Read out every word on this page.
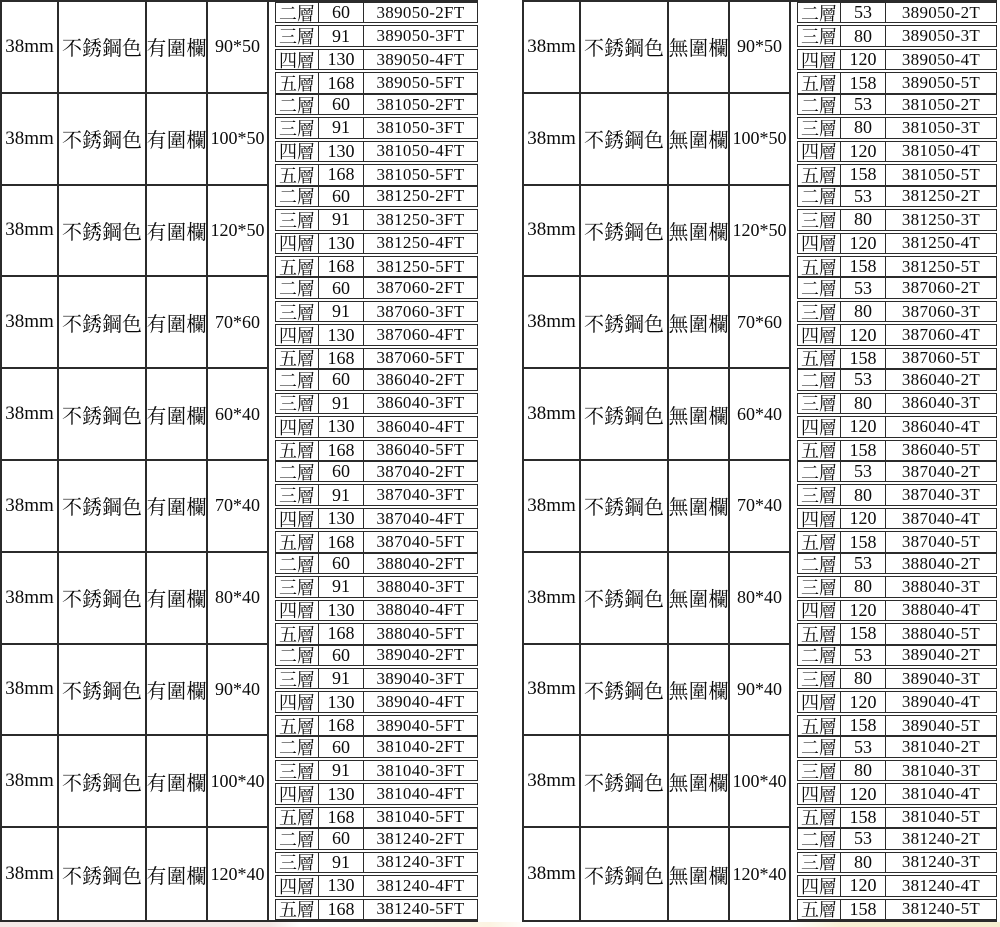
38mm 不銹鋼色 有圍欄 90*50
二層 60	389050-2FT
三層 91	389050-3FT
四層 130	389050-4FT
五層 168	389050-5FT
38mm 不銹鋼色 有圍欄 100*50
二層 60	381050-2FT
三層 91	381050-3FT
四層 130	381050-4FT
五層 168	381050-5FT
38mm 不銹鋼色 有圍欄 120*50
二層 60	381250-2FT
三層 91	381250-3FT
四層 130	381250-4FT
五層 168	381250-5FT
38mm 不銹鋼色 有圍欄 70*60
二層 60	387060-2FT
三層 91	387060-3FT
四層 130	387060-4FT
五層 168	387060-5FT
38mm 不銹鋼色 有圍欄 60*40
二層 60	386040-2FT
三層 91	386040-3FT
四層 130	386040-4FT
五層 168	386040-5FT
38mm 不銹鋼色 有圍欄 70*40
二層 60	387040-2FT
三層 91	387040-3FT
四層 130	387040-4FT
五層 168	387040-5FT
38mm 不銹鋼色 有圍欄 80*40
二層 60	388040-2FT
三層 91	388040-3FT
四層 130	388040-4FT
五層 168	388040-5FT
38mm 不銹鋼色 有圍欄 90*40
二層 60	389040-2FT
三層 91	389040-3FT
四層 130	389040-4FT
五層 168	389040-5FT
38mm 不銹鋼色 有圍欄 100*40
二層 60	381040-2FT
三層 91	381040-3FT
四層 130	381040-4FT
五層 168	381040-5FT
38mm 不銹鋼色 有圍欄 120*40
二層 60	381240-2FT
三層 91	381240-3FT
四層 130	381240-4FT
五層 168	381240-5FT
38mm 不銹鋼色 無圍欄 90*50
二層 53	389050-2T
三層 80	389050-3T
四層 120	389050-4T
五層 158	389050-5T
38mm 不銹鋼色 無圍欄 100*50
二層 53	381050-2T
三層 80	381050-3T
四層 120	381050-4T
五層 158	381050-5T
38mm 不銹鋼色 無圍欄 120*50
二層 53	381250-2T
三層 80	381250-3T
四層 120	381250-4T
五層 158	381250-5T
38mm 不銹鋼色 無圍欄 70*60
二層 53	387060-2T
三層 80	387060-3T
四層 120	387060-4T
五層 158	387060-5T
38mm 不銹鋼色 無圍欄 60*40
二層 53	386040-2T
三層 80	386040-3T
四層 120	386040-4T
五層 158	386040-5T
38mm 不銹鋼色 無圍欄 70*40
二層 53	387040-2T
三層 80	387040-3T
四層 120	387040-4T
五層 158	387040-5T
38mm 不銹鋼色 無圍欄 80*40
二層 53	388040-2T
三層 80	388040-3T
四層 120	388040-4T
五層 158	388040-5T
38mm 不銹鋼色 無圍欄 90*40
二層 53	389040-2T
三層 80	389040-3T
四層 120	389040-4T
五層 158	389040-5T
38mm 不銹鋼色 無圍欄 100*40
二層 53	381040-2T
三層 80	381040-3T
四層 120	381040-4T
五層 158	381040-5T
38mm 不銹鋼色 無圍欄 120*40
二層 53	381240-2T
三層 80	381240-3T
四層 120	381240-4T
五層 158	381240-5T
